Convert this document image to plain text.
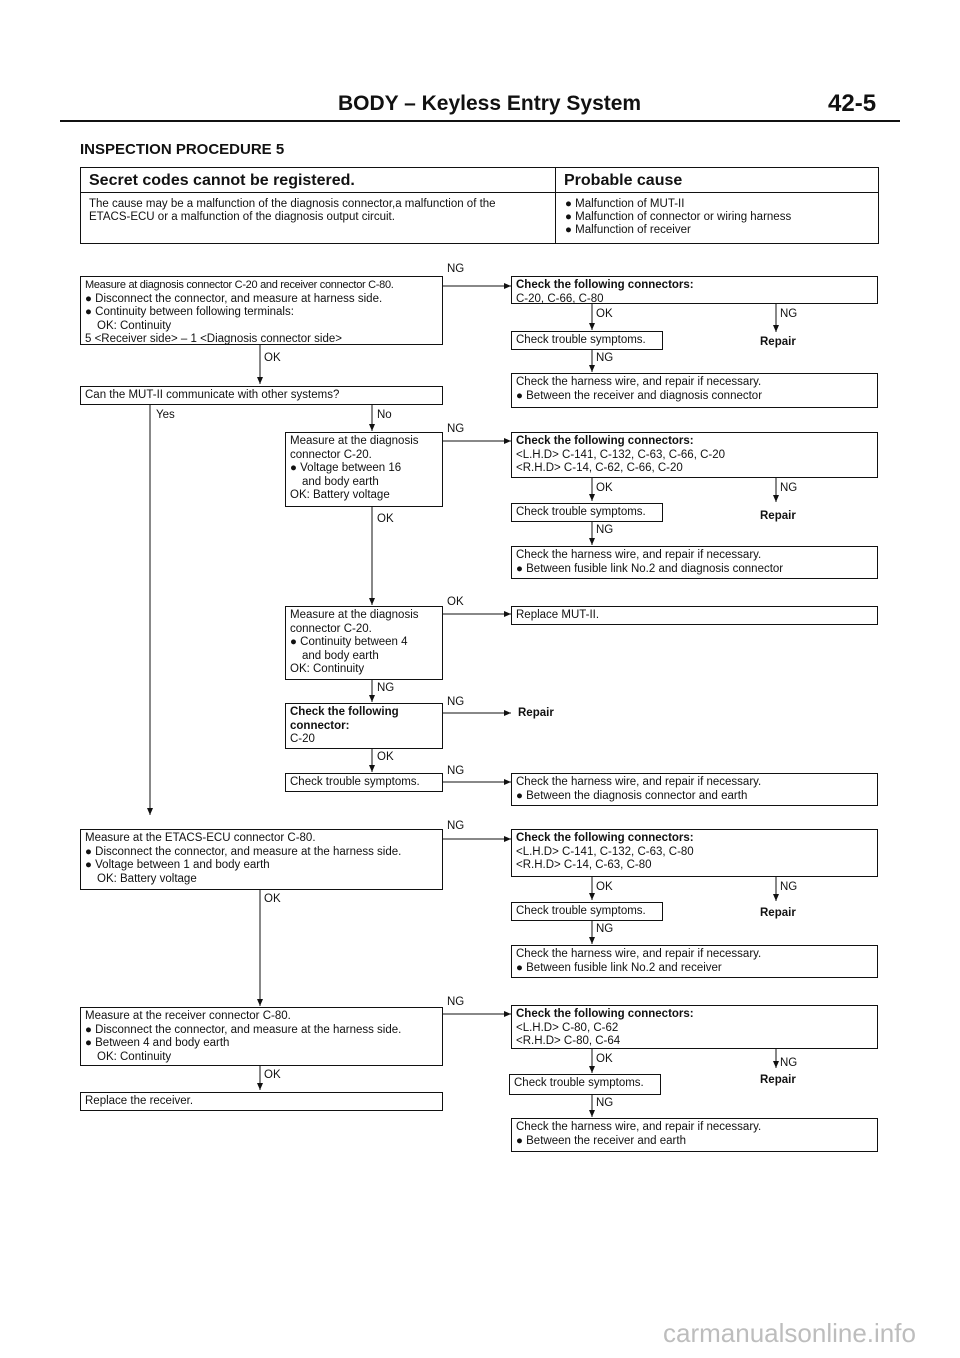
BODY – Keyless Entry System	42-5
INSPECTION PROCEDURE 5
Secret codes cannot be registered.	Probable cause
The cause may be a malfunction of the diagnosis connector,a malfunction of the
ETACS-ECU or a malfunction of the diagnosis output circuit.
● Malfunction of MUT-II
● Malfunction of connector or wiring harness
● Malfunction of receiver
Measure at diagnosis connector C-20 and receiver connector C-80.
● Disconnect the connector, and measure at harness side.
● Continuity between following terminals:
OK: Continuity
5 <Receiver side> – 1 <Diagnosis connector side>
NG
Check the following connectors:
C-20, C-66, C-80
OK	NG
Check trouble symptoms.	Repair
NG
Check the harness wire, and repair if necessary.
● Between the receiver and diagnosis connector
OK
Can the MUT-II communicate with other systems?
Yes	No
Measure at the diagnosis
connector C-20.
● Voltage between 16
and body earth
OK: Battery voltage
NG
Check the following connectors:
<L.H.D> C-141, C-132, C-63, C-66, C-20
<R.H.D> C-14, C-62, C-66, C-20
OK	NG
Check trouble symptoms.	Repair
NG
Check the harness wire, and repair if necessary.
● Between fusible link No.2 and diagnosis connector
OK
Measure at the diagnosis
connector C-20.
● Continuity between 4
and body earth
OK: Continuity
OK
Replace MUT-II.
NG
Check the following
connector:
C-20
NG
Repair
OK
Check trouble symptoms.
NG
Check the harness wire, and repair if necessary.
● Between the diagnosis connector and earth
Measure at the ETACS-ECU connector C-80.
● Disconnect the connector, and measure at the harness side.
● Voltage between 1 and body earth
OK: Battery voltage
NG
Check the following connectors:
<L.H.D> C-141, C-132, C-63, C-80
<R.H.D> C-14, C-63, C-80
OK	NG
Check trouble symptoms.	Repair
NG
Check the harness wire, and repair if necessary.
● Between fusible link No.2 and receiver
OK
Measure at the receiver connector C-80.
● Disconnect the connector, and measure at the harness side.
● Between 4 and body earth
OK: Continuity
NG
Check the following connectors:
<L.H.D> C-80, C-62
<R.H.D> C-80, C-64
OK	NG
Check trouble symptoms.	Repair
NG
Check the harness wire, and repair if necessary.
● Between the receiver and earth
OK
Replace the receiver.
carmanualsonline.info
